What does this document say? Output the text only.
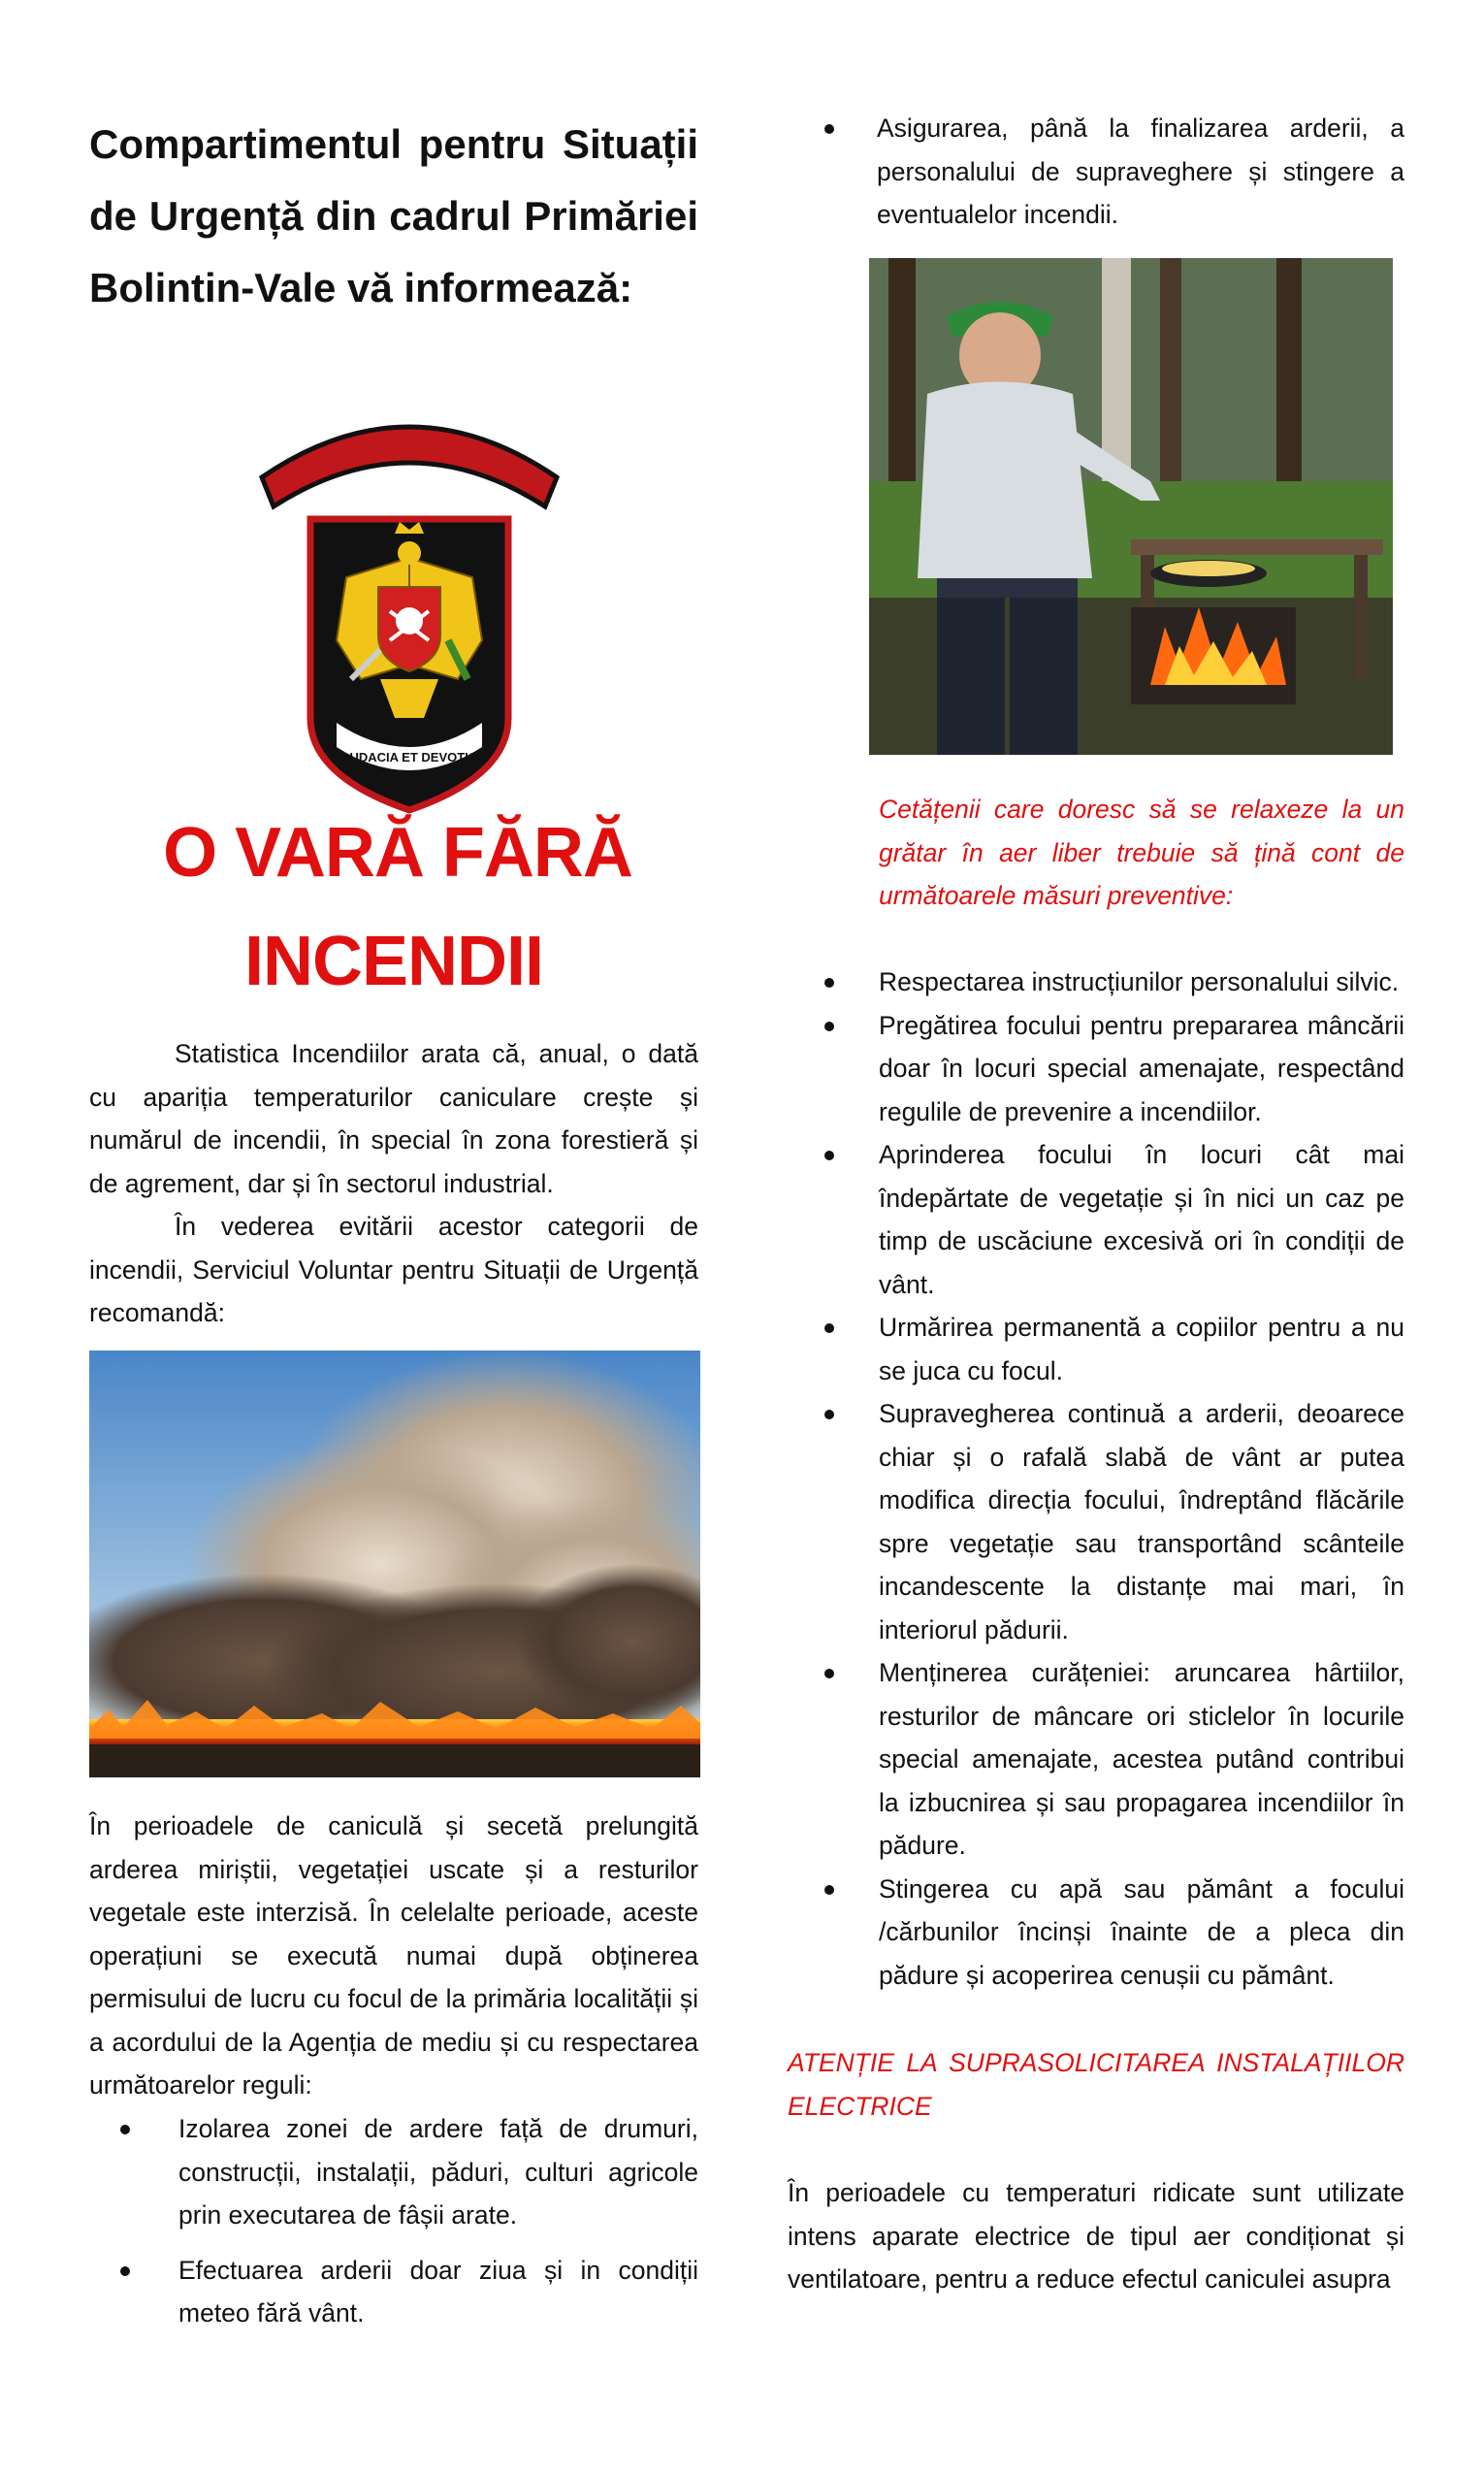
Compartimentul pentru Situații
de Urgență din cadrul Primăriei
Bolintin-Vale vă informează:
S.V.S.U.
AUDACIA ET DEVOTIO
O VARĂ FĂRĂ
INCENDII

Statistica Incendiilor arata că, anual, o dată cu apariția temperaturilor caniculare crește și numărul de incendii, în special în zona forestieră și de agrement, dar și în sectorul industrial.

În vederea evitării acestor categorii de incendii, Serviciul Voluntar pentru Situații de Urgență recomandă:

În perioadele de caniculă și secetă prelungită arderea miriștii, vegetației uscate și a resturilor vegetale este interzisă. În celelalte perioade, aceste operațiuni se execută numai după obținerea permisului de lucru cu focul de la primăria localității și a acordului de la Agenția de mediu și cu respectarea următoarelor reguli:

Izolarea zonei de ardere față de drumuri, construcții, instalații, păduri, culturi agricole prin executarea de fâșii arate.
Efectuarea arderii doar ziua și in condiții meteo fără vânt.
Asigurarea, până la finalizarea arderii, a personalului de supraveghere și stingere a eventualelor incendii.

Cetățenii care doresc să se relaxeze la un grătar în aer liber trebuie să țină cont de următoarele măsuri preventive:

Respectarea instrucțiunilor personalului silvic.
Pregătirea focului pentru prepararea mâncării doar în locuri special amenajate, respectând regulile de prevenire a incendiilor.
Aprinderea focului în locuri cât mai îndepărtate de vegetație și în nici un caz pe timp de uscăciune excesivă ori în condiții de vânt.
Urmărirea permanentă a copiilor pentru a nu se juca cu focul.
Supravegherea continuă a arderii, deoarece chiar și o rafală slabă de vânt ar putea modifica direcția focului, îndreptând flăcările spre vegetație sau transportând scânteile incandescente la distanțe mai mari, în interiorul pădurii.
Menținerea curățeniei: aruncarea hârtiilor, resturilor de mâncare ori sticlelor în locurile special amenajate, acestea putând contribui la izbucnirea și sau propagarea incendiilor în pădure.
Stingerea cu apă sau pământ a focului /cărbunilor încinși înainte de a pleca din pădure și acoperirea cenușii cu pământ.

ATENȚIE LA SUPRASOLICITAREA INSTALAȚIILOR ELECTRICE

În perioadele cu temperaturi ridicate sunt utilizate intens aparate electrice de tipul aer condiționat și ventilatoare, pentru a reduce efectul caniculei asupra
